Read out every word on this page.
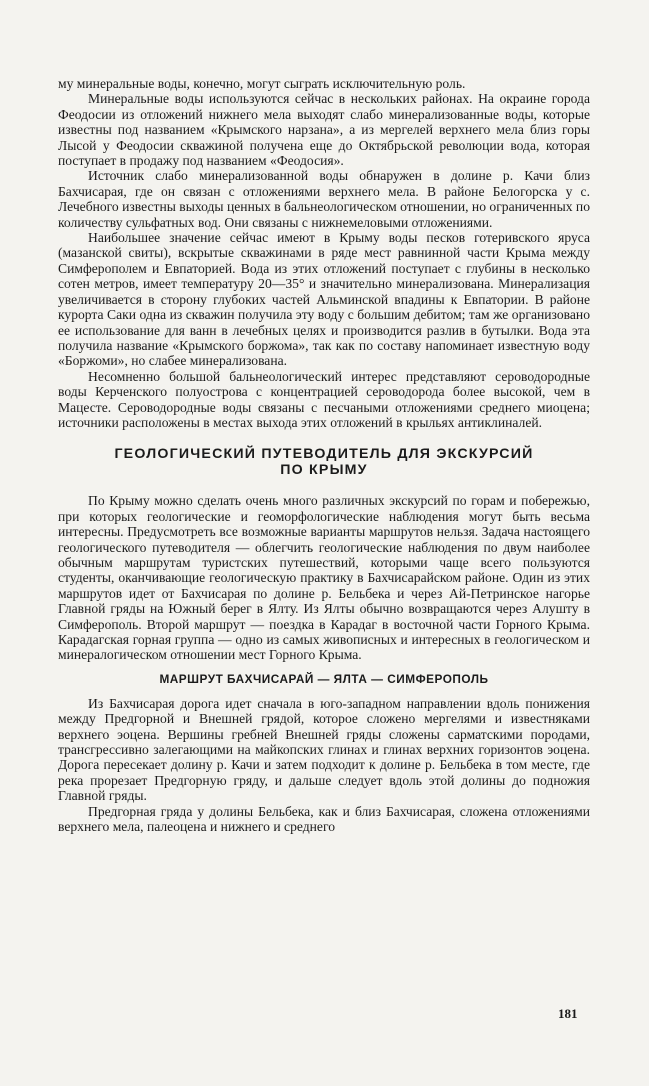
му минеральные воды, конечно, могут сыграть исключительную роль.

Минеральные воды используются сейчас в нескольких районах. На окраине города Феодосии из отложений нижнего мела выходят слабо минерализованные воды, которые известны под названием «Крымского нарзана», а из мергелей верхнего мела близ горы Лысой у Феодосии скважиной получена еще до Октябрьской революции вода, которая поступает в продажу под названием «Феодосия».

Источник слабо минерализованной воды обнаружен в долине р. Качи близ Бахчисарая, где он связан с отложениями верхнего мела. В районе Белогорска у с. Лечебного известны выходы ценных в бальнеологическом отношении, но ограниченных по количеству сульфатных вод. Они связаны с нижнемеловыми отложениями.

Наибольшее значение сейчас имеют в Крыму воды песков готеривского яруса (мазанской свиты), вскрытые скважинами в ряде мест равнинной части Крыма между Симферополем и Евпаторией. Вода из этих отложений поступает с глубины в несколько сотен метров, имеет температуру 20—35° и значительно минерализована. Минерализация увеличивается в сторону глубоких частей Альминской впадины к Евпатории. В районе курорта Саки одна из скважин получила эту воду с большим дебитом; там же организовано ее использование для ванн в лечебных целях и производится разлив в бутылки. Вода эта получила название «Крымского боржома», так как по составу напоминает известную воду «Боржоми», но слабее минерализована.

Несомненно большой бальнеологический интерес представляют сероводородные воды Керченского полуострова с концентрацией сероводорода более высокой, чем в Мацесте. Сероводородные воды связаны с песчаными отложениями среднего миоцена; источники расположены в местах выхода этих отложений в крыльях антиклиналей.

ГЕОЛОГИЧЕСКИЙ ПУТЕВОДИТЕЛЬ ДЛЯ ЭКСКУРСИЙ
ПО КРЫМУ

По Крыму можно сделать очень много различных экскурсий по горам и побережью, при которых геологические и геоморфологические наблюдения могут быть весьма интересны. Предусмотреть все возможные варианты маршрутов нельзя. Задача настоящего геологического путеводителя — облегчить геологические наблюдения по двум наиболее обычным маршрутам туристских путешествий, которыми чаще всего пользуются студенты, оканчивающие геологическую практику в Бахчисарайском районе. Один из этих маршрутов идет от Бахчисарая по долине р. Бельбека и через Ай-Петринское нагорье Главной гряды на Южный берег в Ялту. Из Ялты обычно возвращаются через Алушту в Симферополь. Второй маршрут — поездка в Карадаг в восточной части Горного Крыма. Карадагская горная группа — одно из самых живописных и интересных в геологическом и минералогическом отношении мест Горного Крыма.

МАРШРУТ БАХЧИСАРАЙ — ЯЛТА — СИМФЕРОПОЛЬ

Из Бахчисарая дорога идет сначала в юго-западном направлении вдоль понижения между Предгорной и Внешней грядой, которое сложено мергелями и известняками верхнего эоцена. Вершины гребней Внешней гряды сложены сарматскими породами, трансгрессивно залегающими на майкопских глинах и глинах верхних горизонтов эоцена. Дорога пересекает долину р. Качи и затем подходит к долине р. Бельбека в том месте, где река прорезает Предгорную гряду, и дальше следует вдоль этой долины до подножия Главной гряды.

Предгорная гряда у долины Бельбека, как и близ Бахчисарая, сложена отложениями верхнего мела, палеоцена и нижнего и среднего

181
